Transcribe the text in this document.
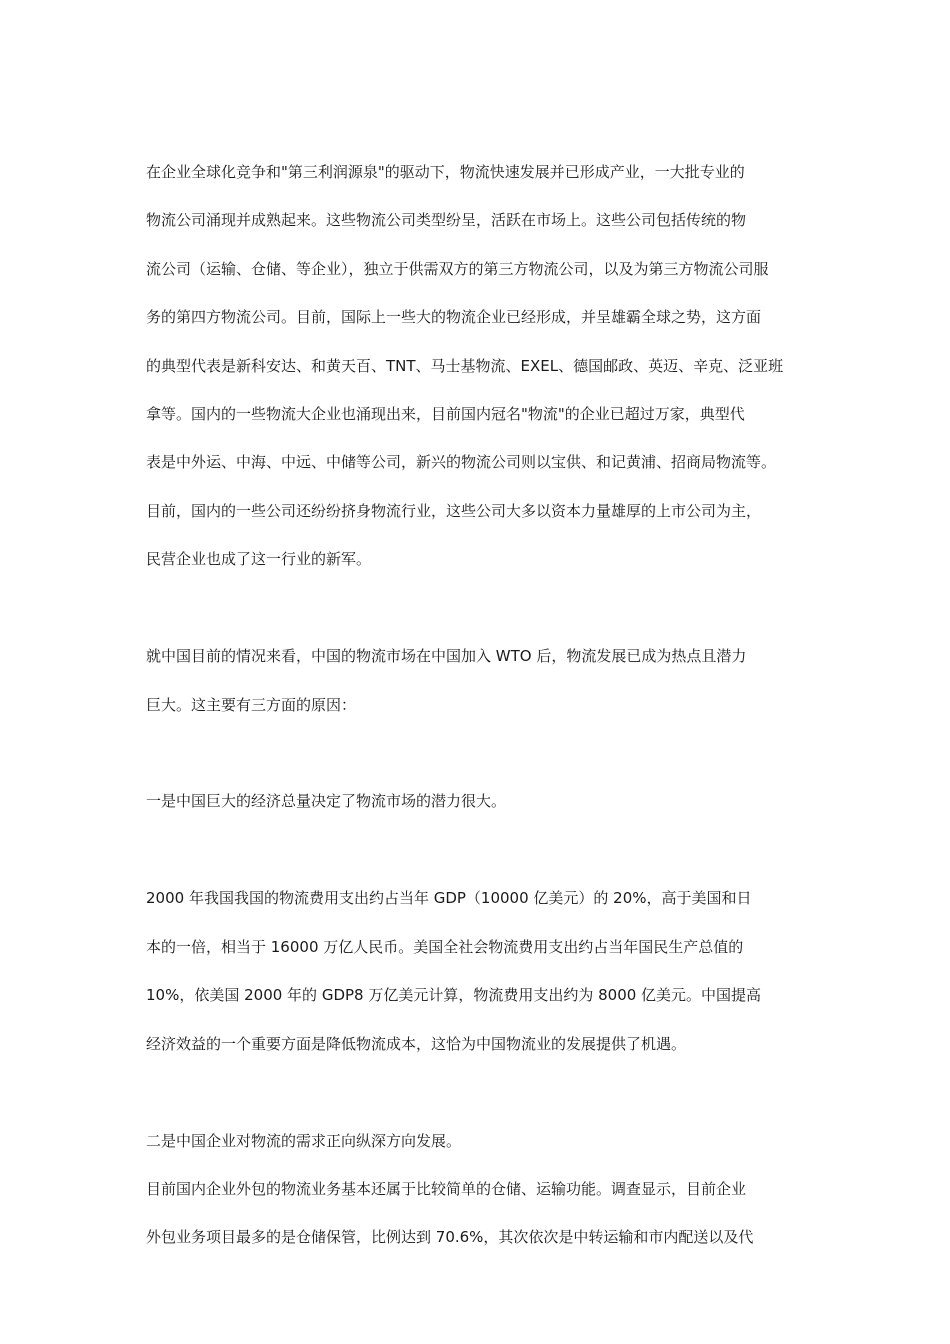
在企业全球化竞争和"第三利润源泉"的驱动下，物流快速发展并已形成产业，一大批专业的
物流公司涌现并成熟起来。这些物流公司类型纷呈，活跃在市场上。这些公司包括传统的物
流公司（运输、仓储、等企业），独立于供需双方的第三方物流公司，以及为第三方物流公司服
务的第四方物流公司。目前，国际上一些大的物流企业已经形成，并呈雄霸全球之势，这方面
的典型代表是新科安达、和黄天百、TNT、马士基物流、EXEL、德国邮政、英迈、辛克、泛亚班
拿等。国内的一些物流大企业也涌现出来，目前国内冠名"物流"的企业已超过万家，典型代
表是中外运、中海、中远、中储等公司，新兴的物流公司则以宝供、和记黄浦、招商局物流等。
目前，国内的一些公司还纷纷挤身物流行业，这些公司大多以资本力量雄厚的上市公司为主，
民营企业也成了这一行业的新军。
就中国目前的情况来看，中国的物流市场在中国加入 WTO 后，物流发展已成为热点且潜力
巨大。这主要有三方面的原因：
一是中国巨大的经济总量决定了物流市场的潜力很大。
2000 年我国我国的物流费用支出约占当年 GDP（10000 亿美元）的 20%，高于美国和日
本的一倍，相当于 16000 万亿人民币。美国全社会物流费用支出约占当年国民生产总值的
10%，依美国 2000 年的 GDP8 万亿美元计算，物流费用支出约为 8000 亿美元。中国提高
经济效益的一个重要方面是降低物流成本，这恰为中国物流业的发展提供了机遇。
二是中国企业对物流的需求正向纵深方向发展。
目前国内企业外包的物流业务基本还属于比较简单的仓储、运输功能。调查显示，目前企业
外包业务项目最多的是仓储保管，比例达到 70.6%，其次依次是中转运输和市内配送以及代
